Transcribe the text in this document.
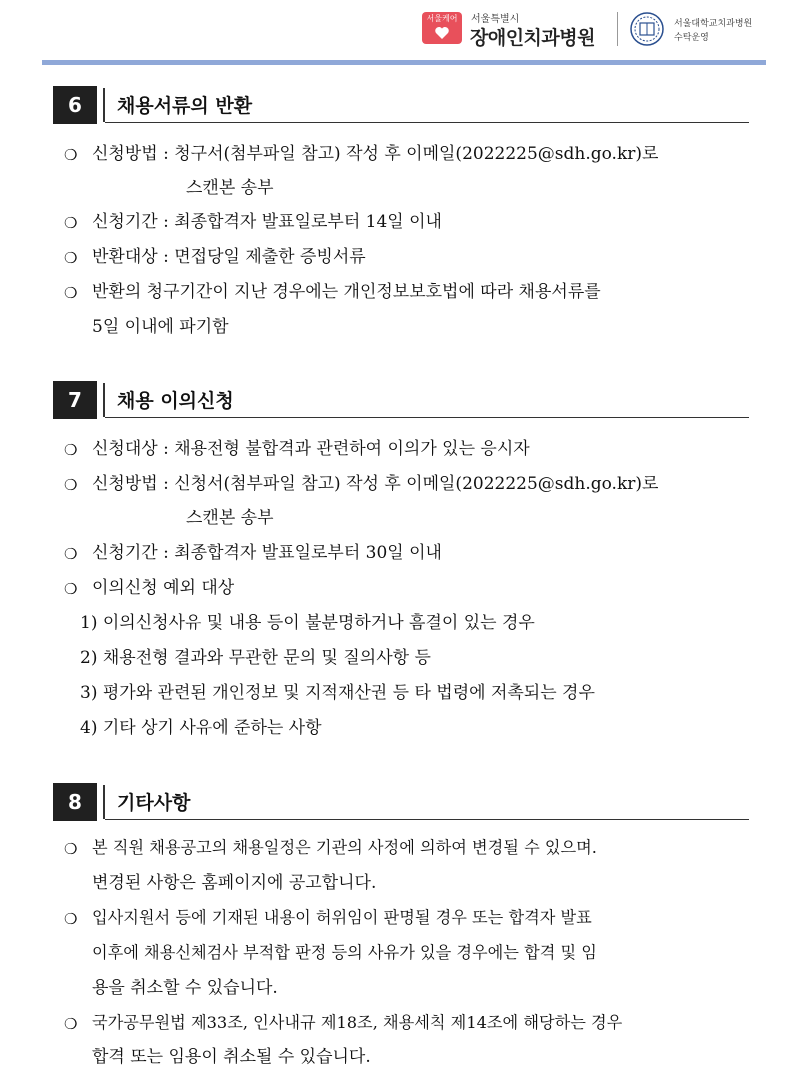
서울케어	서울특별시
장애인치과병원
서울대학교치과병원
수탁운영
6	채용서류의 반환
❍ 신청방법 : 청구서(첨부파일 참고) 작성 후 이메일(2022225@sdh.go.kr)로
스캔본 송부
❍ 신청기간 : 최종합격자 발표일로부터 14일 이내
❍ 반환대상 : 면접당일 제출한 증빙서류
❍ 반환의 청구기간이 지난 경우에는 개인정보보호법에 따라 채용서류를
5일 이내에 파기함
7	채용 이의신청
❍ 신청대상 : 채용전형 불합격과 관련하여 이의가 있는 응시자
❍ 신청방법 : 신청서(첨부파일 참고) 작성 후 이메일(2022225@sdh.go.kr)로
스캔본 송부
❍ 신청기간 : 최종합격자 발표일로부터 30일 이내
❍ 이의신청 예외 대상
1) 이의신청사유 및 내용 등이 불분명하거나 흠결이 있는 경우
2) 채용전형 결과와 무관한 문의 및 질의사항 등
3) 평가와 관련된 개인정보 및 지적재산권 등 타 법령에 저촉되는 경우
4) 기타 상기 사유에 준하는 사항
8	기타사항
❍ 본 직원 채용공고의 채용일정은 기관의 사정에 의하여 변경될 수 있으며.
변경된 사항은 홈페이지에 공고합니다.
❍ 입사지원서 등에 기재된 내용이 허위임이 판명될 경우 또는 합격자 발표
이후에 채용신체검사 부적합 판정 등의 사유가 있을 경우에는 합격 및 임
용을 취소할 수 있습니다.
❍ 국가공무원법 제33조, 인사내규 제18조, 채용세칙 제14조에 해당하는 경우
합격 또는 임용이 취소될 수 있습니다.
